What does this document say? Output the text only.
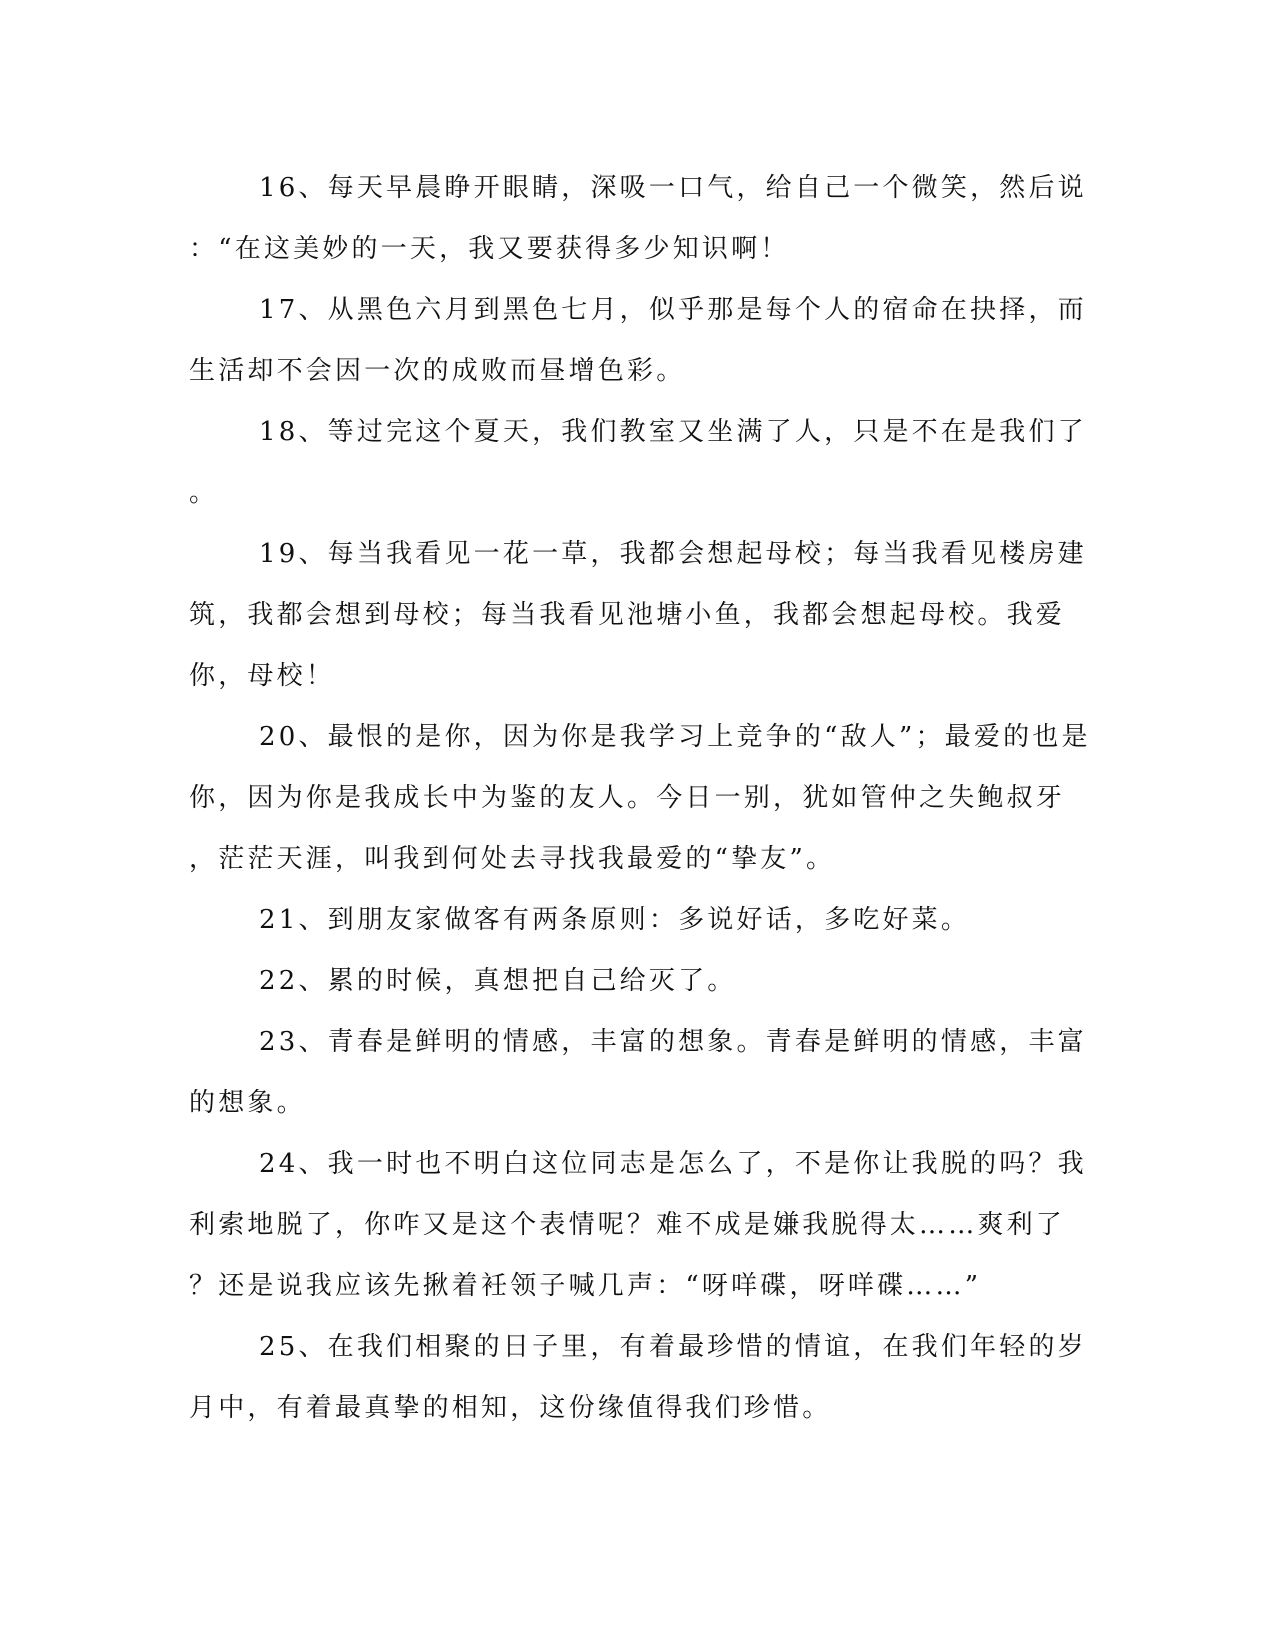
16、每天早晨睁开眼睛，深吸一口气，给自己一个微笑，然后说
：“在这美妙的一天，我又要获得多少知识啊！

17、从黑色六月到黑色七月，似乎那是每个人的宿命在抉择，而
生活却不会因一次的成败而昼增色彩。

18、等过完这个夏天，我们教室又坐满了人，只是不在是我们了
。

19、每当我看见一花一草，我都会想起母校；每当我看见楼房建
筑，我都会想到母校；每当我看见池塘小鱼，我都会想起母校。我爱
你，母校！

20、最恨的是你，因为你是我学习上竞争的“敌人”；最爱的也是
你，因为你是我成长中为鉴的友人。今日一别，犹如管仲之失鲍叔牙
，茫茫天涯，叫我到何处去寻找我最爱的“挚友”。

21、到朋友家做客有两条原则：多说好话，多吃好菜。

22、累的时候，真想把自己给灭了。

23、青春是鲜明的情感，丰富的想象。青春是鲜明的情感，丰富
的想象。

24、我一时也不明白这位同志是怎么了，不是你让我脱的吗？我
利索地脱了，你咋又是这个表情呢？难不成是嫌我脱得太……爽利了
？还是说我应该先揪着衽领子喊几声：“呀咩碟，呀咩碟……”

25、在我们相聚的日子里，有着最珍惜的情谊，在我们年轻的岁
月中，有着最真挚的相知，这份缘值得我们珍惜。
